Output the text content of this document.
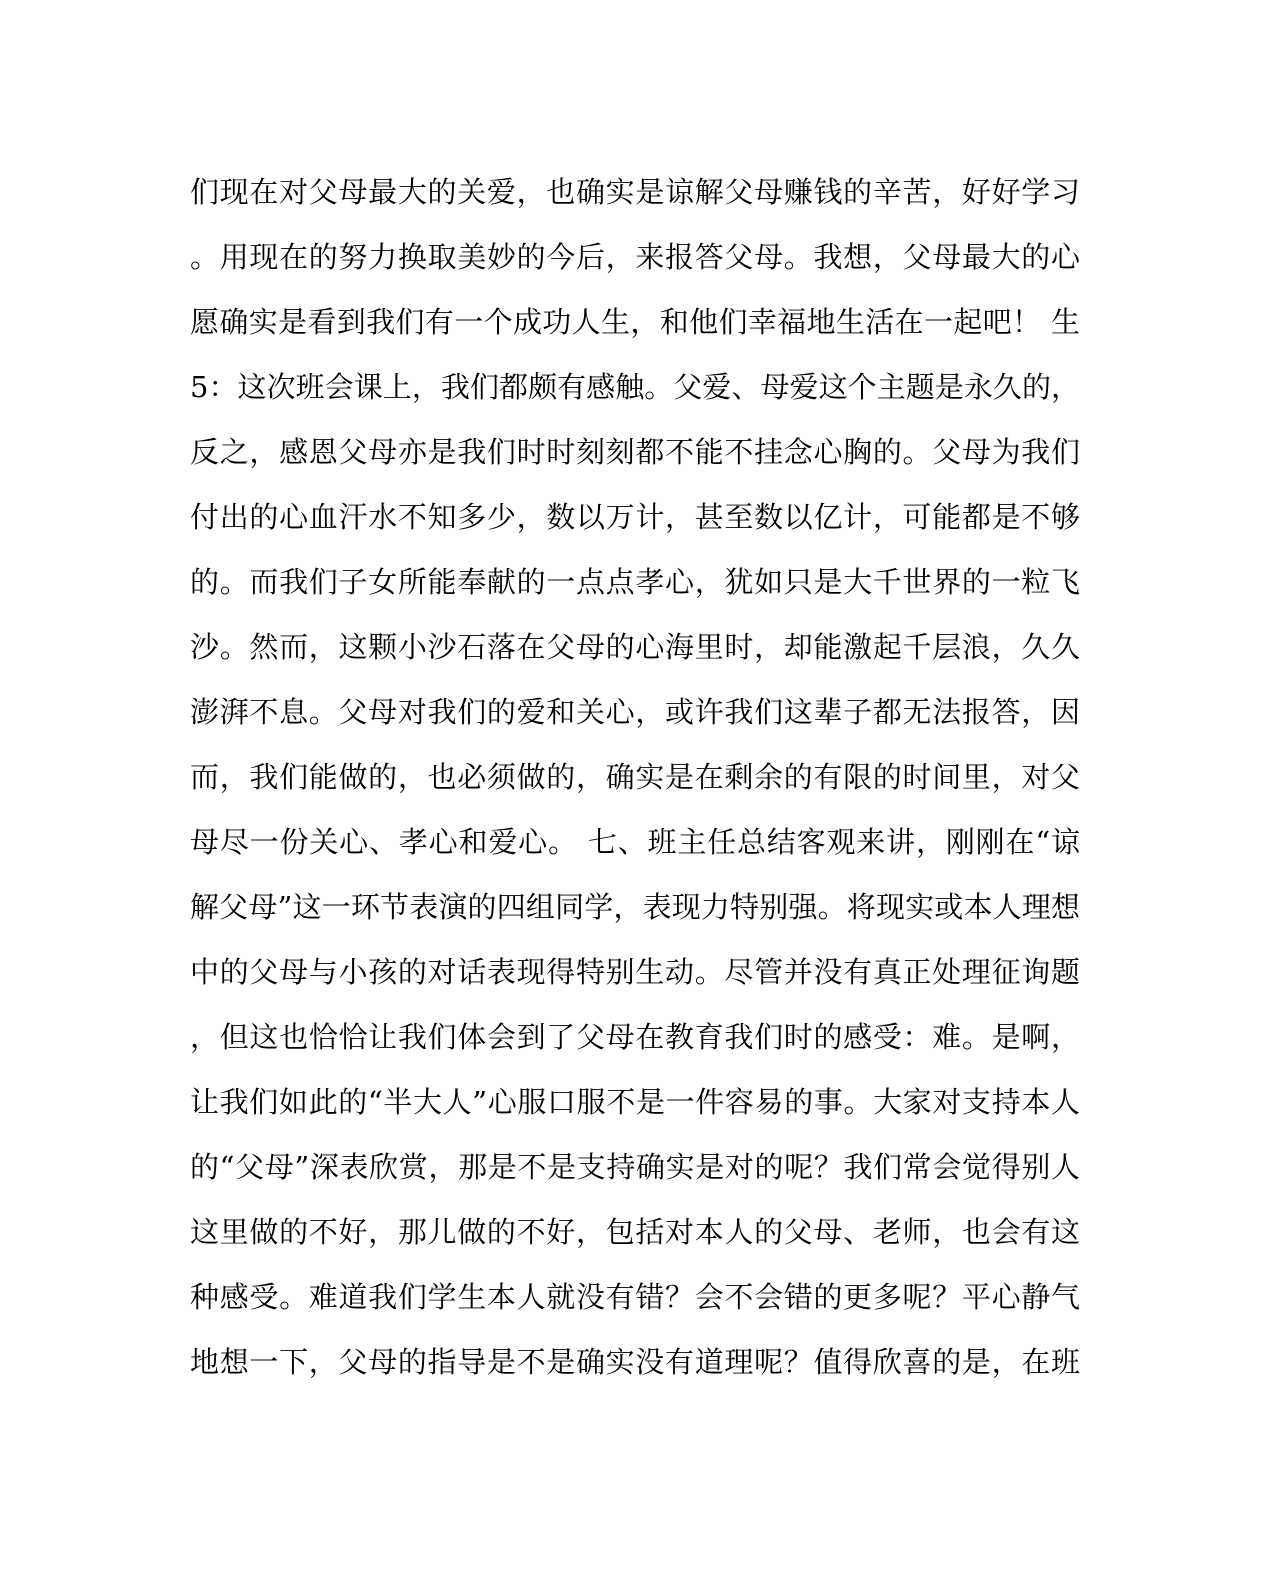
们现在对父母最大的关爱，也确实是谅解父母赚钱的辛苦，好好学习
。用现在的努力换取美妙的今后，来报答父母。我想，父母最大的心
愿确实是看到我们有一个成功人生，和他们幸福地生活在一起吧！ 生
5：这次班会课上，我们都颇有感触。父爱、母爱这个主题是永久的，
反之，感恩父母亦是我们时时刻刻都不能不挂念心胸的。父母为我们
付出的心血汗水不知多少，数以万计，甚至数以亿计，可能都是不够
的。而我们子女所能奉献的一点点孝心，犹如只是大千世界的一粒飞
沙。然而，这颗小沙石落在父母的心海里时，却能激起千层浪，久久
澎湃不息。父母对我们的爱和关心，或许我们这辈子都无法报答，因
而，我们能做的，也必须做的，确实是在剩余的有限的时间里，对父
母尽一份关心、孝心和爱心。 七、班主任总结客观来讲，刚刚在“谅
解父母”这一环节表演的四组同学，表现力特别强。将现实或本人理想
中的父母与小孩的对话表现得特别生动。尽管并没有真正处理征询题
，但这也恰恰让我们体会到了父母在教育我们时的感受：难。是啊，
让我们如此的“半大人”心服口服不是一件容易的事。大家对支持本人
的“父母”深表欣赏，那是不是支持确实是对的呢？我们常会觉得别人
这里做的不好，那儿做的不好，包括对本人的父母、老师，也会有这
种感受。难道我们学生本人就没有错？会不会错的更多呢？平心静气
地想一下，父母的指导是不是确实没有道理呢？值得欣喜的是，在班
